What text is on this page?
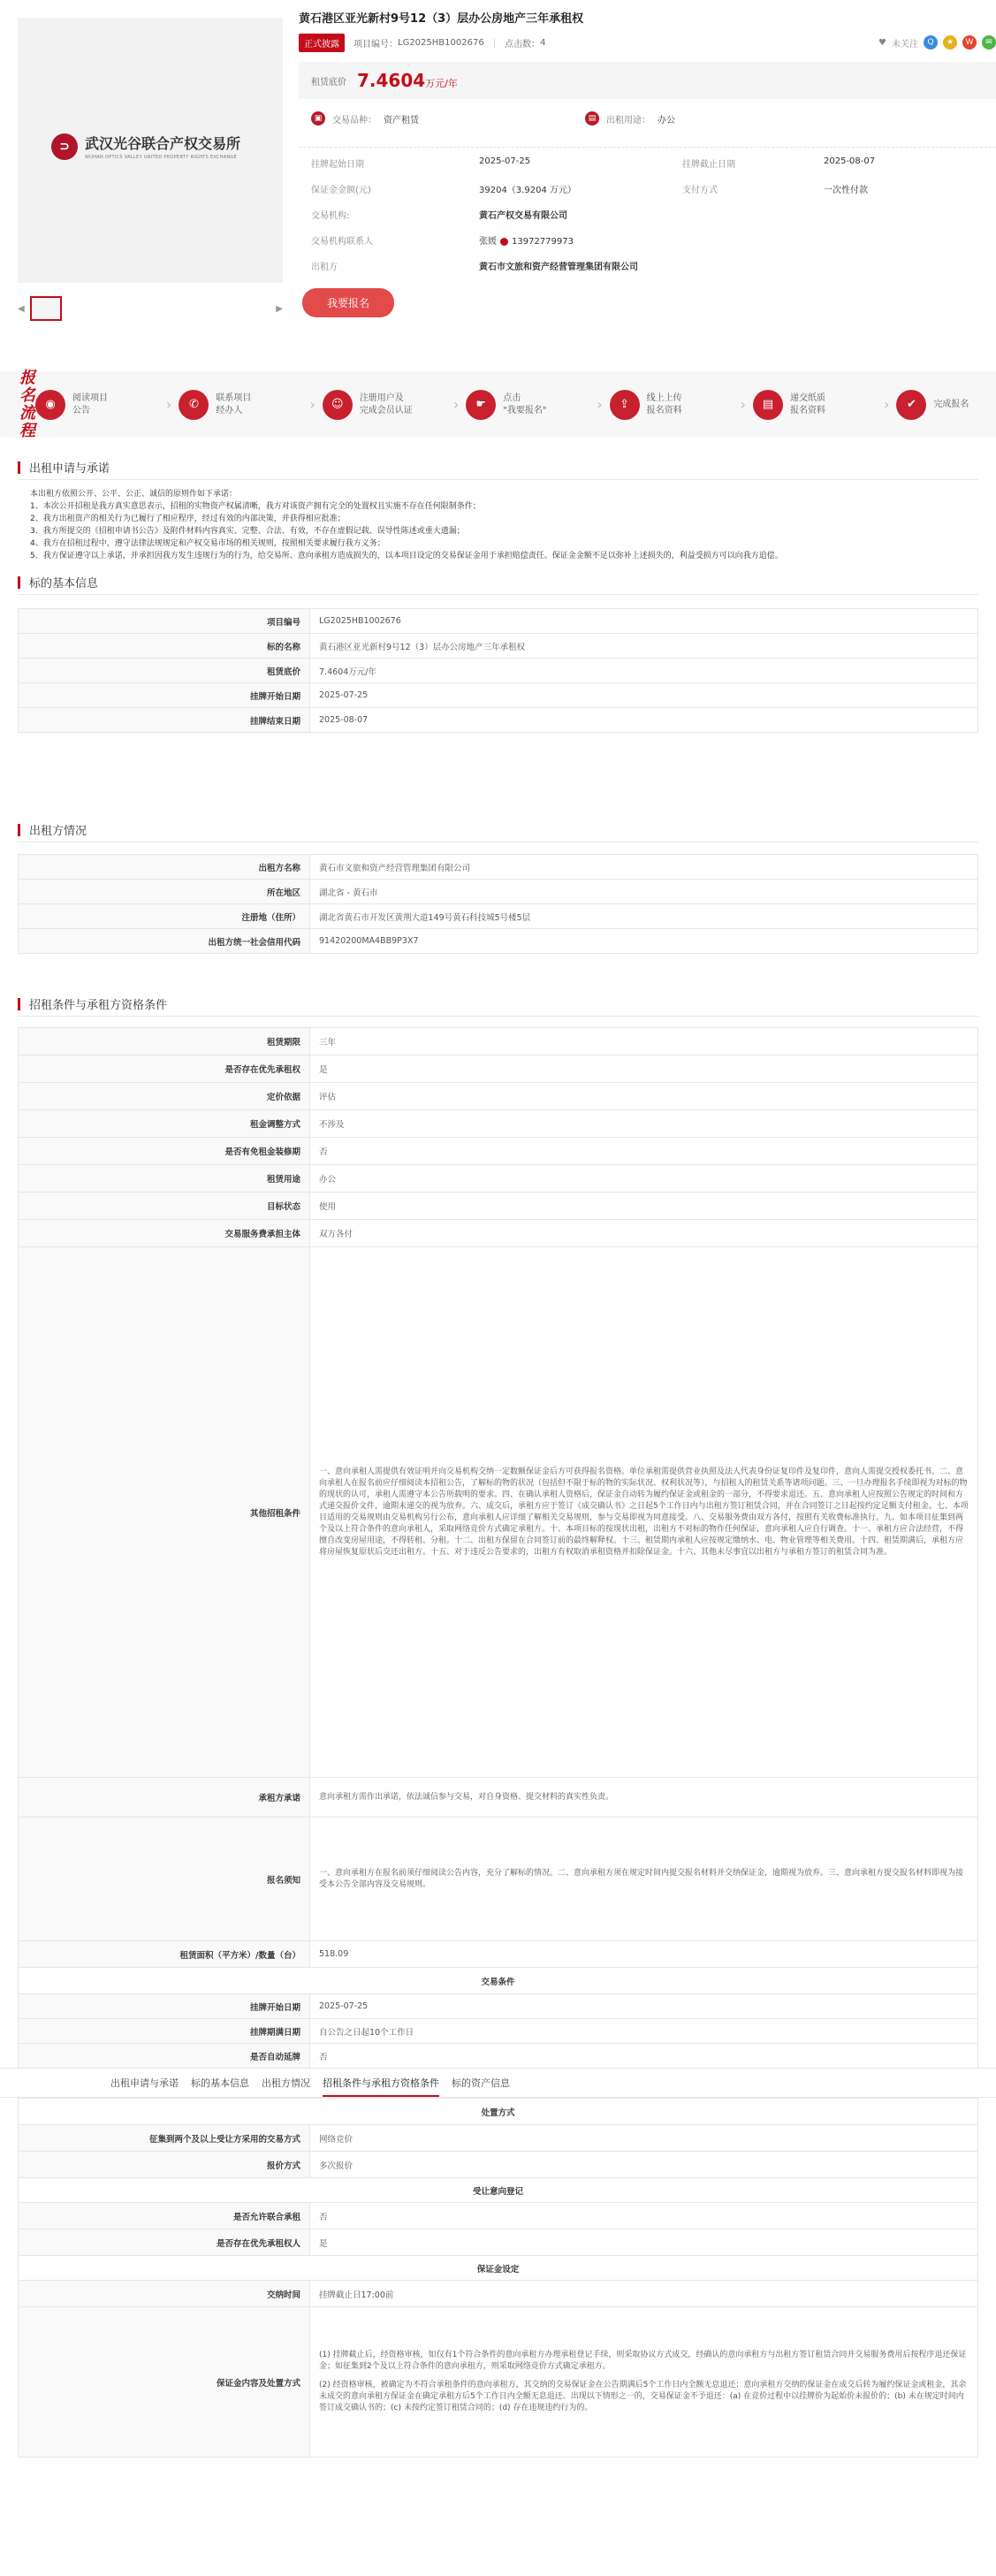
⊃	武汉光谷联合产权交易所
WUHAN OPTICS VALLEY UNITED PROPERTY RIGHTS EXCHANGE
◀	▶
黄石港区亚光新村9号12（3）层办公房地产三年承租权
正式披露	项目编号： LG2025HB1002676 | 点击数： 4	♥ 未关注	Q	★	W	✉
租赁底价 7.4604万元/年
▣	交易品种： 资产租赁	▤	出租用途： 办公
挂牌起始日期	2025-07-25	挂牌截止日期	2025-08-07
保证金金额(元)	39204（3.9204 万元）	支付方式	一次性付款
交易机构:	黄石产权交易有限公司
交易机构联系人	张媛 13972779973
出租方	黄石市文旅和资产经营管理集团有限公司
我要报名
报名
流程
◉	阅读项目
公告	›	✆	联系项目
经办人	›	☺	注册用户及
完成会员认证	›	☛	点击
"我要报名"	›	⇪	线上上传
报名资料	›	▤	递交纸质
报名资料	›	✔	完成报名
出租申请与承诺
本出租方依照公开、公平、公正、诚信的原则作如下承诺：
1、本次公开招租是我方真实意思表示，招租的实物资产权属清晰，我方对该资产拥有完全的处置权且实施不存在任何限制条件；
2、我方出租资产的相关行为已履行了相应程序，经过有效的内部决策，并获得相应批准；
3、我方所提交的《招租申请书公告》及附件材料内容真实、完整、合法、有效，不存在虚假记载、误导性陈述或重大遗漏；
4、我方在招租过程中，遵守法律法规规定和产权交易市场的相关规则，按照相关要求履行我方义务；
5、我方保证遵守以上承诺，并承担因我方发生违规行为的行为，给交易所、意向承租方造成损失的，以本项目设定的交易保证金用于承担赔偿责任。保证金金额不足以弥补上述损失的，利益受损方可以向我方追偿。
标的基本信息
项目编号	LG2025HB1002676
标的名称	黄石港区亚光新村9号12（3）层办公房地产三年承租权
租赁底价	7.4604万元/年
挂牌开始日期	2025-07-25
挂牌结束日期	2025-08-07
出租方情况
出租方名称	黄石市文旅和资产经营管理集团有限公司
所在地区	湖北省 - 黄石市
注册地（住所）	湖北省黄石市开发区黄荆大道149号黄石科技城5号楼5层
出租方统一社会信用代码	91420200MA4BB9P3X7
招租条件与承租方资格条件
租赁期限	三年
是否存在优先承租权	是
定价依据	评估
租金调整方式	不涉及
是否有免租金装修期	否
租赁用途	办公
目标状态	使用
交易服务费承担主体	双方各付
其他招租条件	一、意向承租人需提供有效证明并向交易机构交纳一定数额保证金后方可获得报名资格。单位承租需提供营业执照及法人代表身份证复印件及复印件，意向人需提交授权委托书。二、意向承租人在报名前应仔细阅读本招租公告，了解标的物的状况（包括但不限于标的物的实际状况、权利状况等），与招租人的租赁关系等诸项问题。三、一旦办理报名手续即视为对标的物的现状的认可，承租人需遵守本公告所载明的要求。四、在确认承租人资格后，保证金自动转为履约保证金或租金的一部分，不得要求退还。五、意向承租人应按照公告规定的时间和方式递交报价文件，逾期未递交的视为放弃。六、成交后，承租方应于签订《成交确认书》之日起5个工作日内与出租方签订租赁合同，并在合同签订之日起按约定足额支付租金。七、本项目适用的交易规则由交易机构另行公布，意向承租人应详细了解相关交易规则，参与交易即视为同意接受。八、交易服务费由双方各付，按照有关收费标准执行。九、如本项目征集到两个及以上符合条件的意向承租人，采取网络竞价方式确定承租方。十、本项目标的按现状出租，出租方不对标的物作任何保证，意向承租人应自行调查。十一、承租方应合法经营，不得擅自改变房屋用途，不得转租、分租。十二、出租方保留在合同签订前的最终解释权。十三、租赁期内承租人应按规定缴纳水、电、物业管理等相关费用。十四、租赁期满后，承租方应将房屋恢复原状后交还出租方。十五、对于违反公告要求的，出租方有权取消承租资格并扣除保证金。十六、其他未尽事宜以出租方与承租方签订的租赁合同为准。
承租方承诺	意向承租方需作出承诺，依法诚信参与交易，对自身资格、提交材料的真实性负责。
报名须知	一、意向承租方在报名前须仔细阅读公告内容，充分了解标的情况。二、意向承租方须在规定时间内提交报名材料并交纳保证金，逾期视为放弃。三、意向承租方提交报名材料即视为接受本公告全部内容及交易规则。
租赁面积（平方米）/数量（台）	518.09
交易条件	
挂牌开始日期	2025-07-25
挂牌期满日期	自公告之日起10个工作日
是否自动延牌	否
出租申请与承诺 标的基本信息 出租方情况 招租条件与承租方资格条件 标的资产信息
处置方式	
征集到两个及以上受让方采用的交易方式	网络竞价
报价方式	多次报价
受让意向登记	
是否允许联合承租	否
是否存在优先承租权人	是
保证金设定	
交纳时间	挂牌截止日17:00前
保证金内容及处置方式	(1) 挂牌截止后，经资格审核，如仅有1个符合条件的意向承租方办理承租登记手续，则采取协议方式成交，经确认的意向承租方与出租方签订租赁合同并交易服务费用后按程序退还保证金；如征集到2个及以上符合条件的意向承租方，则采取网络竞价方式确定承租方。
(2) 经资格审核，被确定为不符合承租条件的意向承租方，其交纳的交易保证金在公告期满后5个工作日内全额无息退还；意向承租方交纳的保证金在成交后转为履约保证金或租金，其余未成交的意向承租方保证金在确定承租方后5个工作日内全额无息退还。出现以下情形之一的，交易保证金不予退还：(a) 在竞价过程中以挂牌价为起始价未报价的；(b) 未在规定时间内签订成交确认书的；(c) 未按约定签订租赁合同的；(d) 存在违规违约行为的。
